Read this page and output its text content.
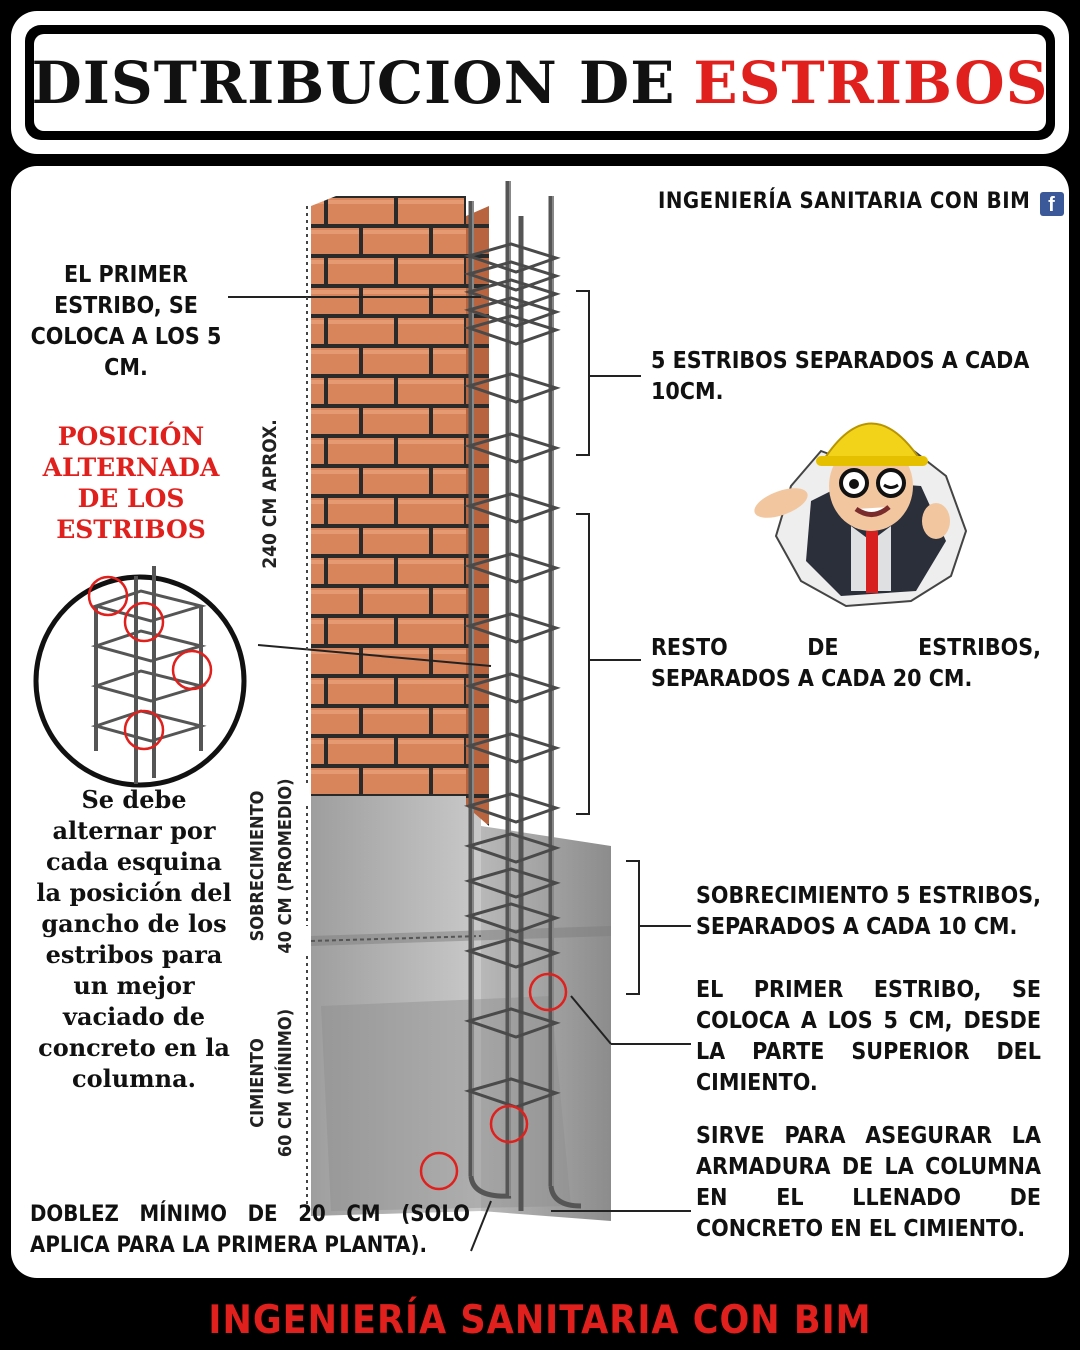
DISTRIBUCION DE ESTRIBOS
240 CM APROX.
SOBRECIMIENTO 40 CM (PROMEDIO)
CIMIENTO 60 CM (MÍNIMO)
INGENIERÍA SANITARIA CON BIM f
EL PRIMER ESTRIBO, SE COLOCA A LOS 5 CM.
POSICIÓN
ALTERNADA
DE LOS
ESTRIBOS
Se debe
alternar por
cada esquina
la posición del
gancho de los
estribos para
un mejor
vaciado de
concreto en la
columna.
5 ESTRIBOS SEPARADOS A CADA 10CM.
RESTO DE ESTRIBOS,
SEPARADOS A CADA 20 CM.
SOBRECIMIENTO 5 ESTRIBOS,
SEPARADOS A CADA 10 CM.
EL PRIMER ESTRIBO, SE
COLOCA A LOS 5 CM, DESDE
LA PARTE SUPERIOR DEL
CIMIENTO.
SIRVE PARA ASEGURAR LA
ARMADURA DE LA COLUMNA
EN EL LLENADO DE
CONCRETO EN EL CIMIENTO.
DOBLEZ MÍNIMO DE 20 CM (SOLO
APLICA PARA LA PRIMERA PLANTA).
INGENIERÍA SANITARIA CON BIM
